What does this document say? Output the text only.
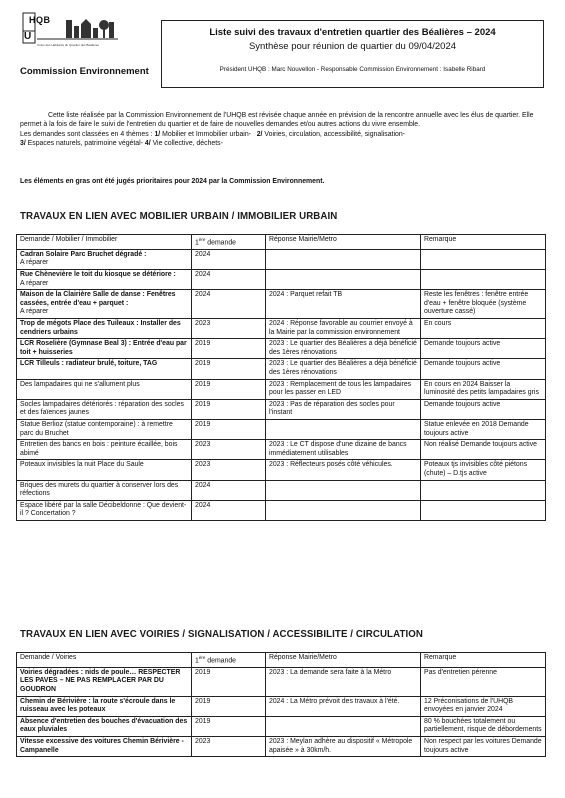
HQB
U
Union des Habitants du Quartier des Béalières
Commission Environnement
Liste suivi des travaux d'entretien quartier des Béalières – 2024
Synthèse pour réunion de quartier du 09/04/2024
Président UHQB : Marc Nouvellon - Responsable Commission Environnement : Isabelle Ribard

Cette liste réalisée par la Commission Environnement de l'UHQB est révisée chaque année en prévision de la rencontre annuelle avec les élus de quartier. Elle permet à la fois de faire le suivi de l'entretien du quartier et de faire de nouvelles demandes et/ou autres actions du vivre ensemble.

Les demandes sont classées en 4 thèmes : 1/ Mobilier et Immobilier urbain- 2/ Voiries, circulation, accessibilité, signalisation-
3/ Espaces naturels, patrimoine végétal- 4/ Vie collective, déchets-

Les éléments en gras ont été jugés prioritaires pour 2024 par la Commission Environnement.
TRAVAUX EN LIEN AVEC MOBILIER URBAIN / IMMOBILIER URBAIN
Demande / Mobilier / Immobilier	1ère demande	Réponse Mairie/Metro	Remarque
Cadran Solaire Parc Bruchet dégradé :
A réparer	2024		
Rue Chènevière le toit du kiosque se détériore :
A réparer	2024		
Maison de la Clairière Salle de danse : Fenêtres cassées, entrée d'eau + parquet :
A réparer	2024	2024 : Parquet refait TB	Reste les fenêtres : fenêtre entrée d'eau + fenêtre bloquée (système ouverture cassé)
Trop de mégots Place des Tuileaux : Installer des cendriers urbains	2023	2024 : Réponse favorable au courrier envoyé à la Mairie par la commission environnement	En cours
LCR Roselière (Gymnase Beal 3) : Entrée d'eau par toit + huisseries	2019	2023 : Le quartier des Béalières a déjà bénéficié des 1ères rénovations	Demande toujours active
LCR Tilleuls : radiateur brulé, toiture, TAG	2019	2023 : Le quartier des Béalières a déjà bénéficié des 1ères rénovations	Demande toujours active
Des lampadaires qui ne s'allument plus	2019	2023 : Remplacement de tous les lampadaires pour les passer en LED	En cours en 2024 Baisser la luminosité des petits lampadaires gris
Socles lampadaires détériorés : réparation des socles et des faïences jaunes	2019	2023 : Pas de réparation des socles pour l'instant	Demande toujours active
Statue Berlioz (statue contemporaine) : à remettre parc du Bruchet	2019		Statue enlevée en 2018 Demande toujours active
Entretien des bancs en bois : peinture écaillée, bois abimé	2023	2023 : Le CT dispose d'une dizaine de bancs immédiatement utilisables	Non réalisé Demande toujours active
Poteaux invisibles la nuit Place du Saule	2023	2023 : Réflecteurs posés côté véhicules.	Poteaux tjs invisibles côté piétons (chute) – D.tjs active
Briques des murets du quartier à conserver lors des réfections	2024		
Espace libéré par la salle Décibeldonne : Que devient-il ? Concertation ?	2024		
TRAVAUX EN LIEN AVEC VOIRIES / SIGNALISATION / ACCESSIBILITE / CIRCULATION
Demande / Voiries	1ère demande	Réponse Mairie/Metro	Remarque
Voiries dégradées : nids de poule… RESPECTER LES PAVES – NE PAS REMPLACER PAR DU GOUDRON	2019	2023 : La demande sera faite à la Métro	Pas d'entretien pérenne
Chemin de Bérivière : la route s'écroule dans le ruisseau avec les poteaux	2019	2024 : La Métro prévoit des travaux à l'été.	12 Préconisations de l'UHQB envoyées en janvier 2024
Absence d'entretien des bouches d'évacuation des eaux pluviales	2019		80 % bouchées totalement ou partiellement, risque de débordements
Vitesse excessive des voitures Chemin Bérivière -Campanelle	2023	2023 : Meylan adhère au dispositif « Métropole apaisée » à 30km/h.	Non respect par les voitures Demande toujours active
